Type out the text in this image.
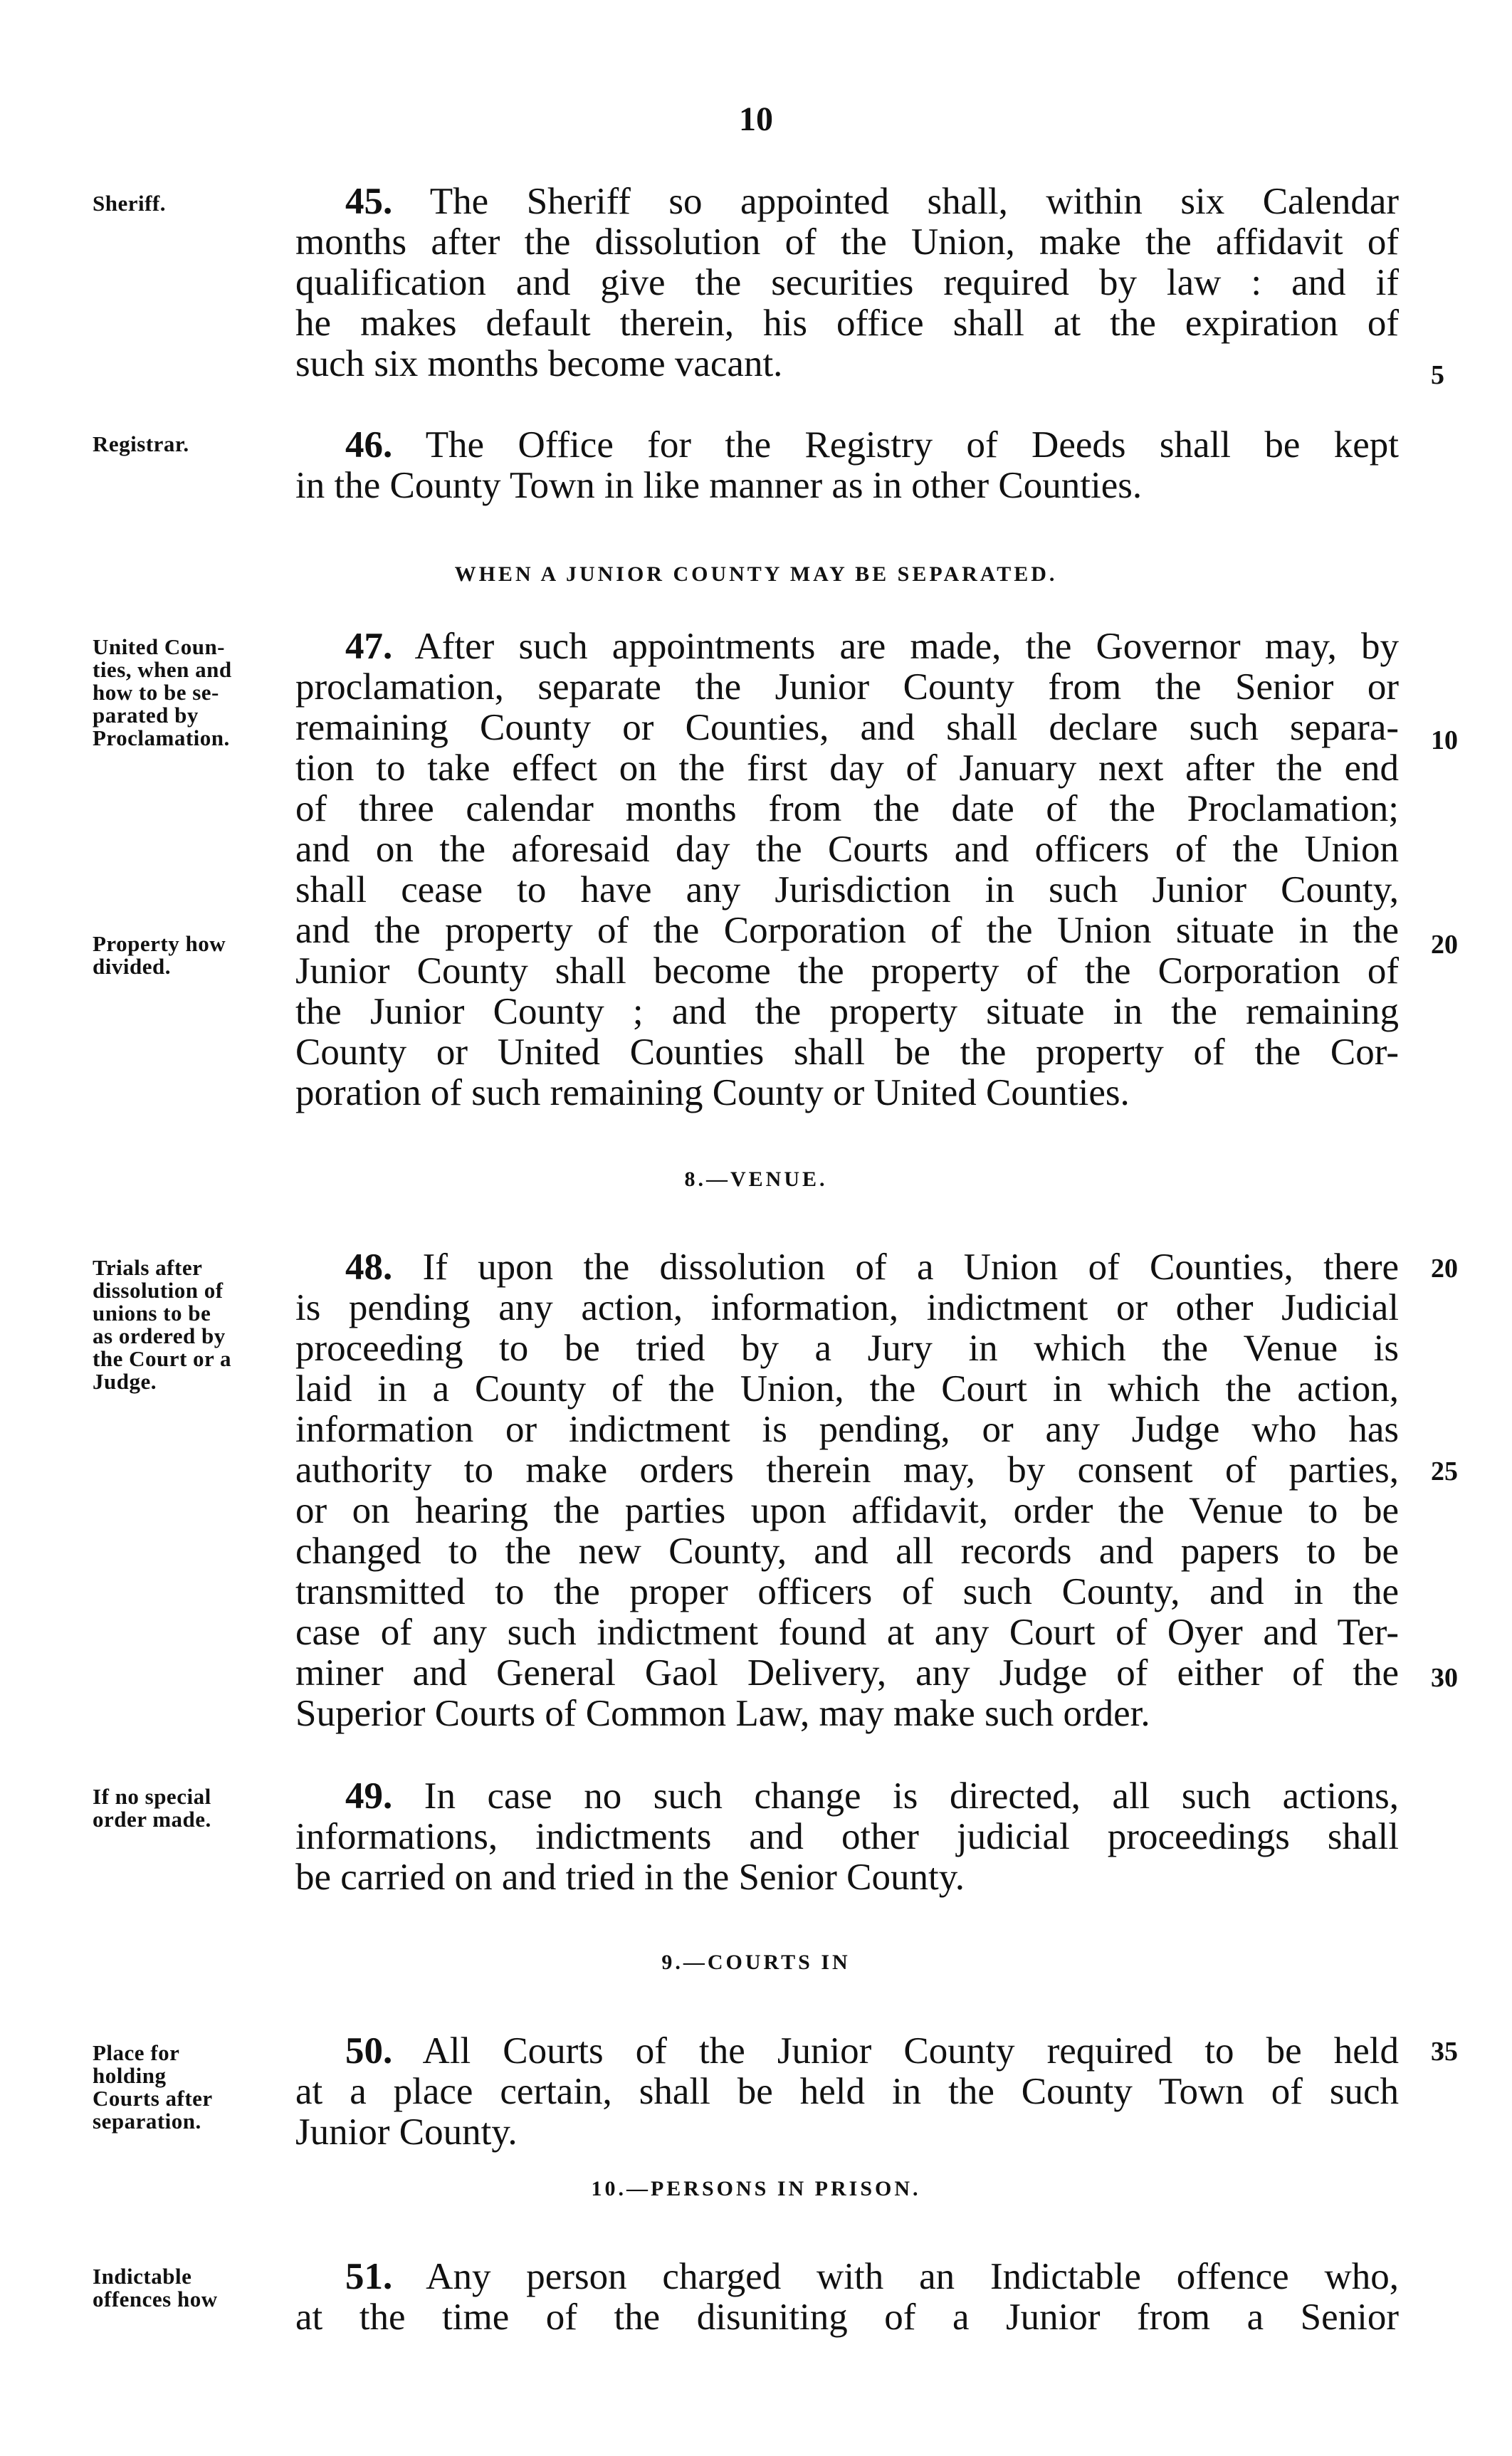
10
Sheriff.	45. The Sheriff so appointed shall, within six Calendar
months after the dissolution of the Union, make the affidavit of
qualification and give the securities required by law : and if
he makes default therein, his office shall at the expiration of
such six months become vacant.	5
Registrar.	46. The Office for the Registry of Deeds shall be kept
in the County Town in like manner as in other Counties.
WHEN A JUNIOR COUNTY MAY BE SEPARATED.
United Coun-
ties, when and
how to be se-
parated by
Proclamation.
Property how
divided.
47. After such appointments are made, the Governor may, by
proclamation, separate the Junior County from the Senior or
remaining County or Counties, and shall declare such separa-
tion to take effect on the first day of January next after the end
of three calendar months from the date of the Proclamation;
and on the aforesaid day the Courts and officers of the Union
shall cease to have any Jurisdiction in such Junior County,
and the property of the Corporation of the Union situate in the
Junior County shall become the property of the Corporation of
the Junior County ; and the property situate in the remaining
County or United Counties shall be the property of the Cor-
poration of such remaining County or United Counties.
10
20
8.—VENUE.
Trials after
dissolution of
unions to be
as ordered by
the Court or a
Judge.
48. If upon the dissolution of a Union of Counties, there
is pending any action, information, indictment or other Judicial
proceeding to be tried by a Jury in which the Venue is
laid in a County of the Union, the Court in which the action,
information or indictment is pending, or any Judge who has
authority to make orders therein may, by consent of parties,
or on hearing the parties upon affidavit, order the Venue to be
changed to the new County, and all records and papers to be
transmitted to the proper officers of such County, and in the
case of any such indictment found at any Court of Oyer and Ter-
miner and General Gaol Delivery, any Judge of either of the
Superior Courts of Common Law, may make such order.
20
25
30
If no special
order made.
49. In case no such change is directed, all such actions,
informations, indictments and other judicial proceedings shall
be carried on and tried in the Senior County.
9.—COURTS IN
Place for
holding
Courts after
separation.
50. All Courts of the Junior County required to be held
at a place certain, shall be held in the County Town of such
Junior County.
35
10.—PERSONS IN PRISON.
Indictable
offences how
51. Any person charged with an Indictable offence who,
at the time of the disuniting of a Junior from a Senior
